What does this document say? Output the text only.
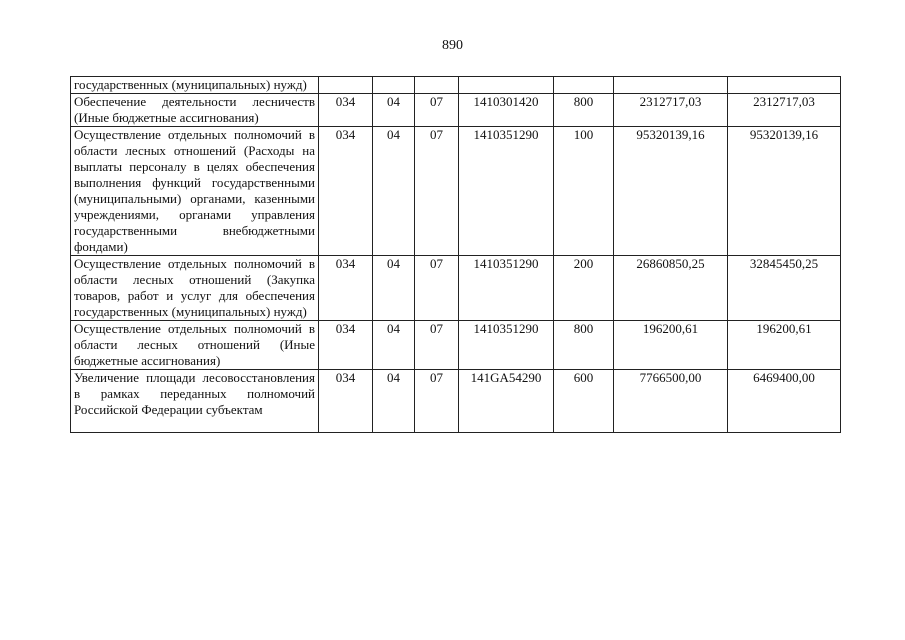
890
государственных (муниципальных) нужд)							
Обеспечение деятельности лесничеств (Иные бюджетные ассигнования)	034	04	07	1410301420	800	2312717,03	2312717,03
Осуществление отдельных полномочий в области лесных отношений (Расходы на выплаты персоналу в целях обеспечения выполнения функций государственными (муниципальными) органами, казенными учреждениями, органами управления государственными внебюджетными фондами)	034	04	07	1410351290	100	95320139,16	95320139,16
Осуществление отдельных полномочий в области лесных отношений (Закупка товаров, работ и услуг для обеспечения государственных (муниципальных) нужд)	034	04	07	1410351290	200	26860850,25	32845450,25
Осуществление отдельных полномочий в области лесных отношений (Иные бюджетные ассигнования)	034	04	07	1410351290	800	196200,61	196200,61
Увеличение площади лесовосстановления в рамках переданных полномочий Российской Федерации субъектам	034	04	07	141GA54290	600	7766500,00	6469400,00
